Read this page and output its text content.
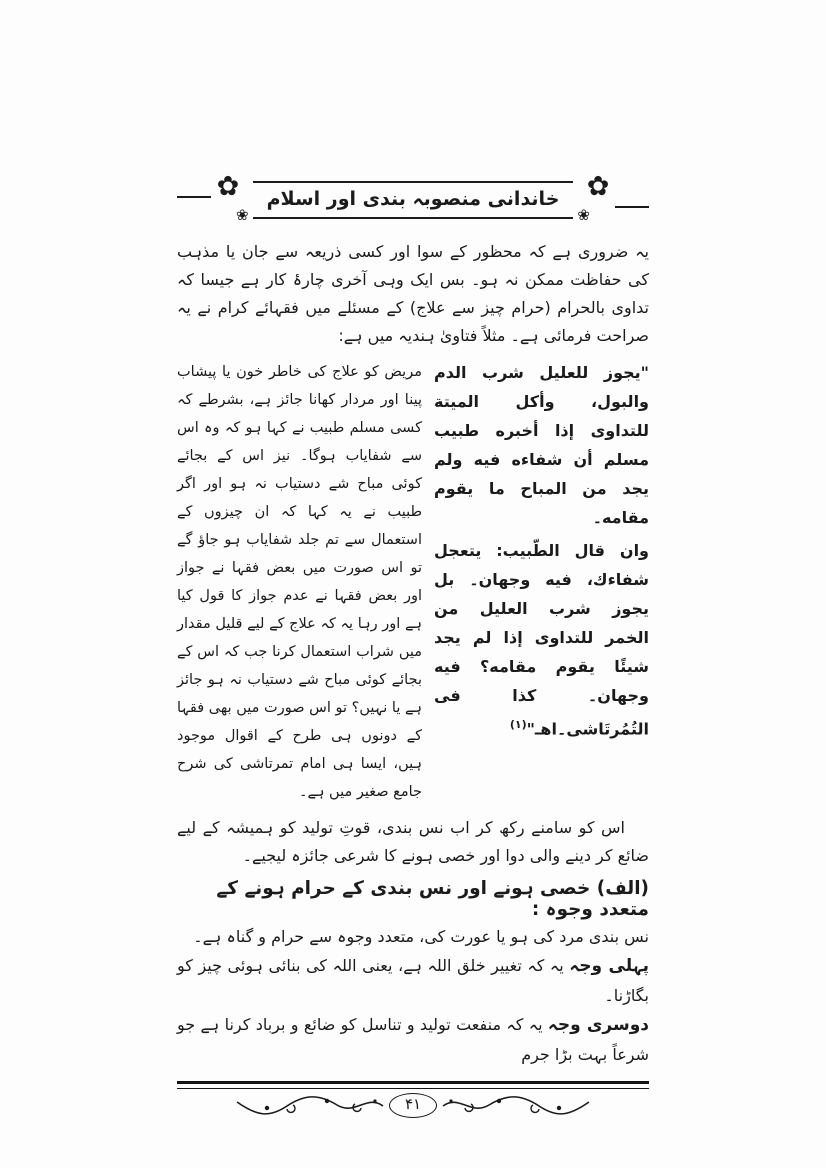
✿
❀
خاندانی منصوبہ بندی اور اسلام
✿
❀

یہ ضروری ہے کہ محظور کے سوا اور کسی ذریعہ سے جان یا مذہب کی حفاظت ممکن نہ ہو۔ بس ایک وہی آخری چارۂ کار ہے جیسا کہ تداوی بالحرام (حرام چیز سے علاج) کے مسئلے میں فقہائے کرام نے یہ صراحت فرمائی ہے۔ مثلاً فتاویٰ ہندیہ میں ہے:

"يجوز للعليل شرب الدم والبول، وأكل الميتة للتداوى إذا أخبره طبيب مسلم أن شفاءه فيه ولم يجد من المباح ما يقوم مقامه۔

وان قال الطّبيب: يتعجل شفاءك، فيه وجهان۔ بل يجوز شرب العليل من الخمر للتداوى إذا لم يجد شيئًا يقوم مقامه؟ فيه وجهان۔ كذا فى التُمُرتَاشى۔اهـ"$^{(۱)}$

مریض کو علاج کی خاطر خون یا پیشاب پینا اور مردار کھانا جائز ہے، بشرطے کہ کسی مسلم طبیب نے کہا ہو کہ وہ اس سے شفایاب ہوگا۔ نیز اس کے بجائے کوئی مباح شے دستیاب نہ ہو اور اگر طبیب نے یہ کہا کہ ان چیزوں کے استعمال سے تم جلد شفایاب ہو جاؤ گے تو اس صورت میں بعض فقہا نے جواز اور بعض فقہا نے عدم جواز کا قول کیا ہے اور رہا یہ کہ علاج کے لیے قلیل مقدار میں شراب استعمال کرنا جب کہ اس کے بجائے کوئی مباح شے دستیاب نہ ہو جائز ہے یا نہیں؟ تو اس صورت میں بھی فقہا کے دونوں ہی طرح کے اقوال موجود ہیں، ایسا ہی امام تمرتاشی کی شرح جامع صغیر میں ہے۔

اس کو سامنے رکھ کر اب نس بندی، قوتِ تولید کو ہمیشہ کے لیے ضائع کر دینے والی دوا اور خصی ہونے کا شرعی جائزہ لیجیے۔

(الف) خصی ہونے اور نس بندی کے حرام ہونے کے متعدد وجوہ :

نس بندی مرد کی ہو یا عورت کی، متعدد وجوہ سے حرام و گناہ ہے۔

پہلی وجہ یہ کہ تغییر خلق اللہ ہے، یعنی اللہ کی بنائی ہوئی چیز کو بگاڑنا۔

دوسری وجہ یہ کہ منفعت تولید و تناسل کو ضائع و برباد کرنا ہے جو شرعاً بہت بڑا جرم

۴۱
